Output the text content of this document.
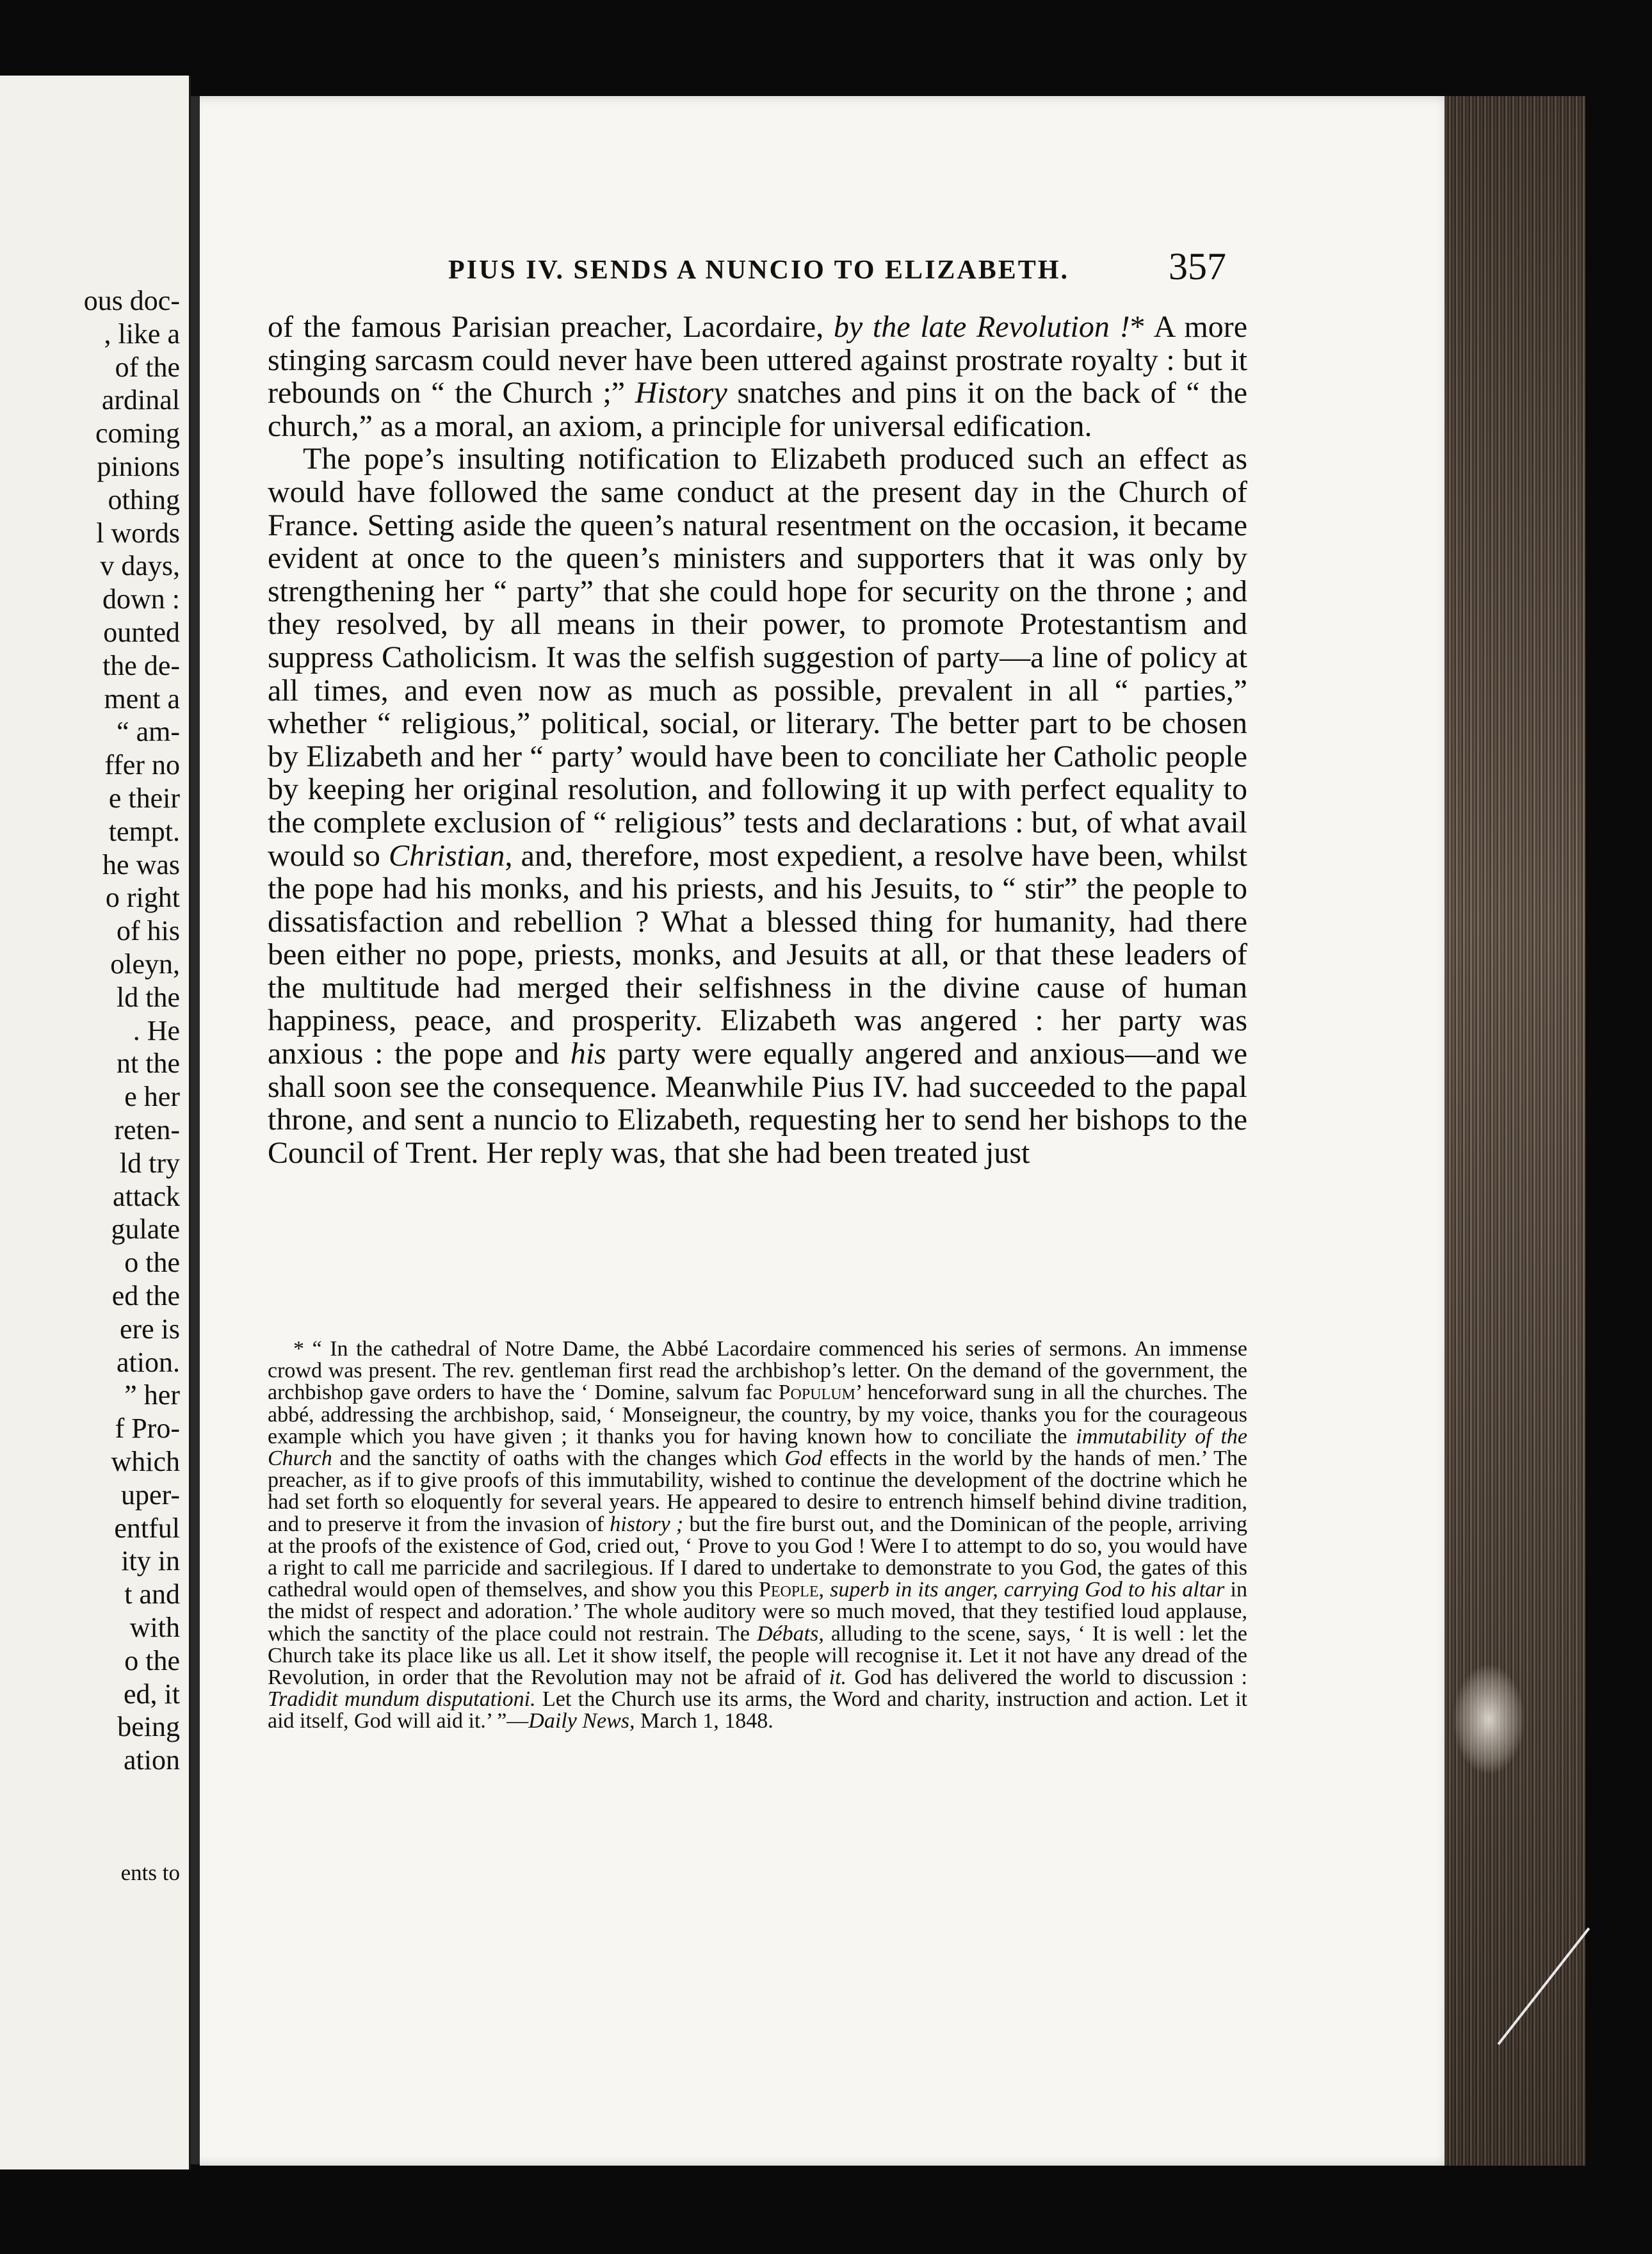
ous doc-
, like a
of the
ardinal
coming
pinions
othing
l words
v days,
down :
ounted
the de-
ment a
“ am-
ffer no
e their
tempt.
he was
o right
of his
oleyn,
ld the
. He
nt the
e her
reten-
ld try
attack
gulate
o the
ed the
ere is
ation.
” her
f Pro-
which
uper-
entful
ity in
t and
with
o the
ed, it
being
ation
ents to
PIUS IV. SENDS A NUNCIO TO ELIZABETH.	357

of the famous Parisian preacher, Lacordaire, by the late Revolution !* A more stinging sarcasm could never have been uttered against prostrate royalty : but it rebounds on “ the Church ;” History snatches and pins it on the back of “ the church,” as a moral, an axiom, a principle for universal edification.

The pope’s insulting notification to Elizabeth produced such an effect as would have followed the same conduct at the present day in the Church of France. Setting aside the queen’s natural resentment on the occasion, it became evident at once to the queen’s ministers and supporters that it was only by strengthening her “ party” that she could hope for security on the throne ; and they resolved, by all means in their power, to promote Protestantism and suppress Catholicism. It was the selfish suggestion of party—a line of policy at all times, and even now as much as possible, prevalent in all “ parties,” whether “ religious,” political, social, or literary. The better part to be chosen by Elizabeth and her “ party’ would have been to conciliate her Catholic people by keeping her original resolution, and following it up with perfect equality to the complete exclusion of “ religious” tests and declarations : but, of what avail would so Christian, and, therefore, most expedient, a resolve have been, whilst the pope had his monks, and his priests, and his Jesuits, to “ stir” the people to dissatisfaction and rebellion ? What a blessed thing for humanity, had there been either no pope, priests, monks, and Jesuits at all, or that these leaders of the multitude had merged their selfishness in the divine cause of human happiness, peace, and prosperity. Elizabeth was angered : her party was anxious : the pope and his party were equally angered and anxious—and we shall soon see the consequence. Meanwhile Pius IV. had succeeded to the papal throne, and sent a nuncio to Elizabeth, requesting her to send her bishops to the Council of Trent. Her reply was, that she had been treated just

* “ In the cathedral of Notre Dame, the Abbé Lacordaire commenced his series of sermons. An immense crowd was present. The rev. gentleman first read the archbishop’s letter. On the demand of the government, the archbishop gave orders to have the ‘ Domine, salvum fac Populum’ henceforward sung in all the churches. The abbé, addressing the archbishop, said, ‘ Monseigneur, the country, by my voice, thanks you for the courageous example which you have given ; it thanks you for having known how to conciliate the immutability of the Church and the sanctity of oaths with the changes which God effects in the world by the hands of men.’ The preacher, as if to give proofs of this immutability, wished to continue the development of the doctrine which he had set forth so eloquently for several years. He appeared to desire to entrench himself behind divine tradition, and to preserve it from the invasion of history ; but the fire burst out, and the Dominican of the people, arriving at the proofs of the existence of God, cried out, ‘ Prove to you God ! Were I to attempt to do so, you would have a right to call me parricide and sacrilegious. If I dared to undertake to demonstrate to you God, the gates of this cathedral would open of themselves, and show you this People, superb in its anger, carrying God to his altar in the midst of respect and adoration.’ The whole auditory were so much moved, that they testified loud applause, which the sanctity of the place could not restrain. The Débats, alluding to the scene, says, ‘ It is well : let the Church take its place like us all. Let it show itself, the people will recognise it. Let it not have any dread of the Revolution, in order that the Revolution may not be afraid of it. God has delivered the world to discussion : Tradidit mundum disputationi. Let the Church use its arms, the Word and charity, instruction and action. Let it aid itself, God will aid it.’ ”—Daily News, March 1, 1848.
